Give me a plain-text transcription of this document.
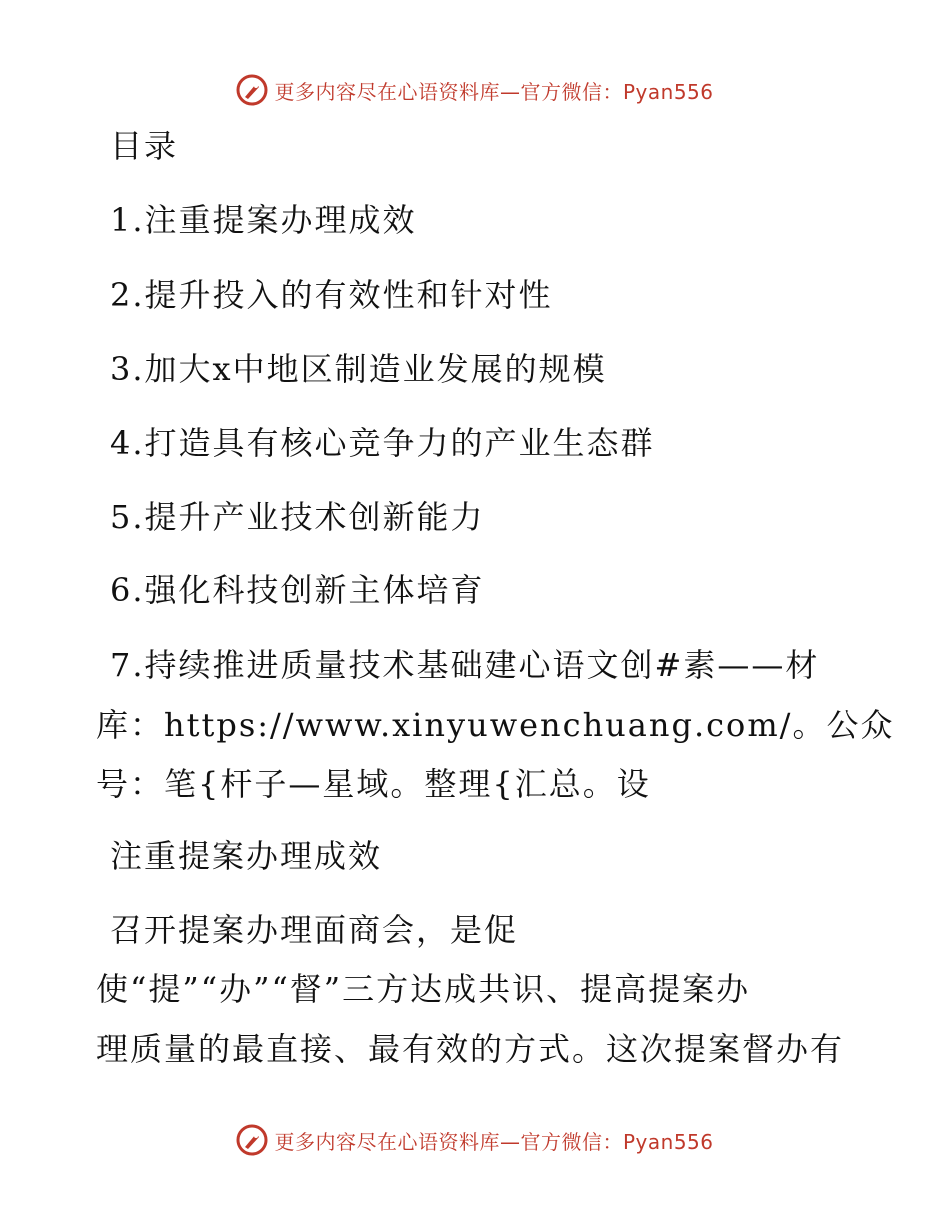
更多内容尽在心语资料库—官方微信：Pyan556
目录
1.注重提案办理成效
2.提升投入的有效性和针对性
3.加大x中地区制造业发展的规模
4.打造具有核心竞争力的产业生态群
5.提升产业技术创新能力
6.强化科技创新主体培育
7.持续推进质量技术基础建心语文创#素——材
库：https://www.xinyuwenchuang.com/。公众
号：笔{杆子—星域。整理{汇总。设
注重提案办理成效
召开提案办理面商会，是促
使“提”“办”“督”三方达成共识、提高提案办
理质量的最直接、最有效的方式。这次提案督办有
更多内容尽在心语资料库—官方微信：Pyan556
